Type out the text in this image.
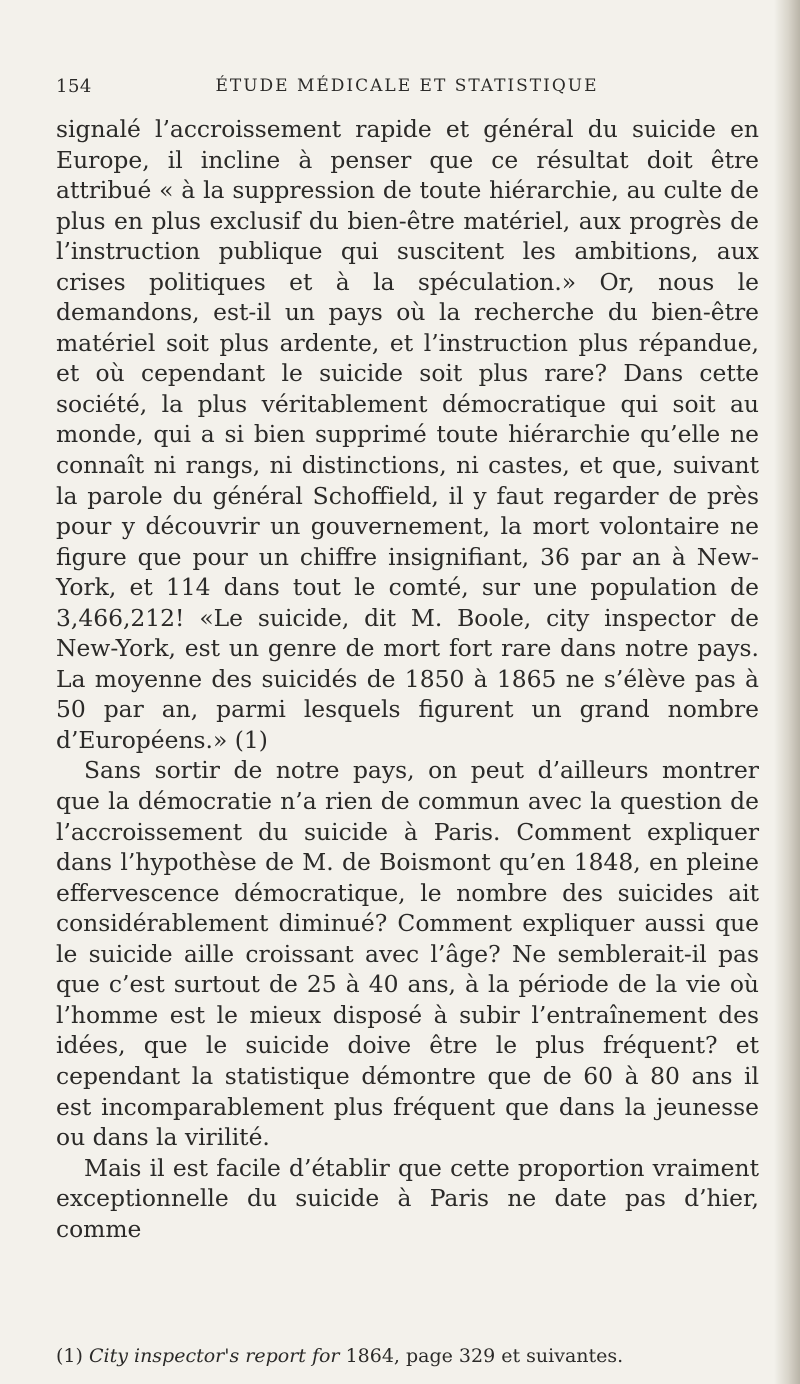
154	ÉTUDE MÉDICALE ET STATISTIQUE

signalé l’accroissement rapide et général du suicide en Europe, il incline à penser que ce résultat doit être attribué « à la suppression de toute hiérarchie, au culte de plus en plus exclusif du bien-être matériel, aux progrès de l’instruction publique qui suscitent les ambitions, aux crises politiques et à la spéculation.» Or, nous le demandons, est-il un pays où la recherche du bien-être matériel soit plus ardente, et l’instruction plus répandue, et où cependant le suicide soit plus rare? Dans cette société, la plus véritablement démocratique qui soit au monde, qui a si bien supprimé toute hiérarchie qu’elle ne connaît ni rangs, ni distinctions, ni castes, et que, suivant la parole du général Schoffield, il y faut regarder de près pour y découvrir un gouvernement, la mort volontaire ne figure que pour un chiffre insignifiant, 36 par an à New-York, et 114 dans tout le comté, sur une population de 3,466,212! «Le suicide, dit M. Boole, city inspector de New-York, est un genre de mort fort rare dans notre pays. La moyenne des suicidés de 1850 à 1865 ne s’élève pas à 50 par an, parmi lesquels figurent un grand nombre d’Européens.» (1)

Sans sortir de notre pays, on peut d’ailleurs montrer que la démocratie n’a rien de commun avec la question de l’accroissement du suicide à Paris. Comment expliquer dans l’hypothèse de M. de Boismont qu’en 1848, en pleine effervescence démocratique, le nombre des suicides ait considérablement diminué? Comment expliquer aussi que le suicide aille croissant avec l’âge? Ne semblerait-il pas que c’est surtout de 25 à 40 ans, à la période de la vie où l’homme est le mieux disposé à subir l’entraînement des idées, que le suicide doive être le plus fréquent? et cependant la statistique démontre que de 60 à 80 ans il est incomparablement plus fréquent que dans la jeunesse ou dans la virilité.

Mais il est facile d’établir que cette proportion vraiment exceptionnelle du suicide à Paris ne date pas d’hier, comme

(1) City inspector's report for 1864, page 329 et suivantes.
